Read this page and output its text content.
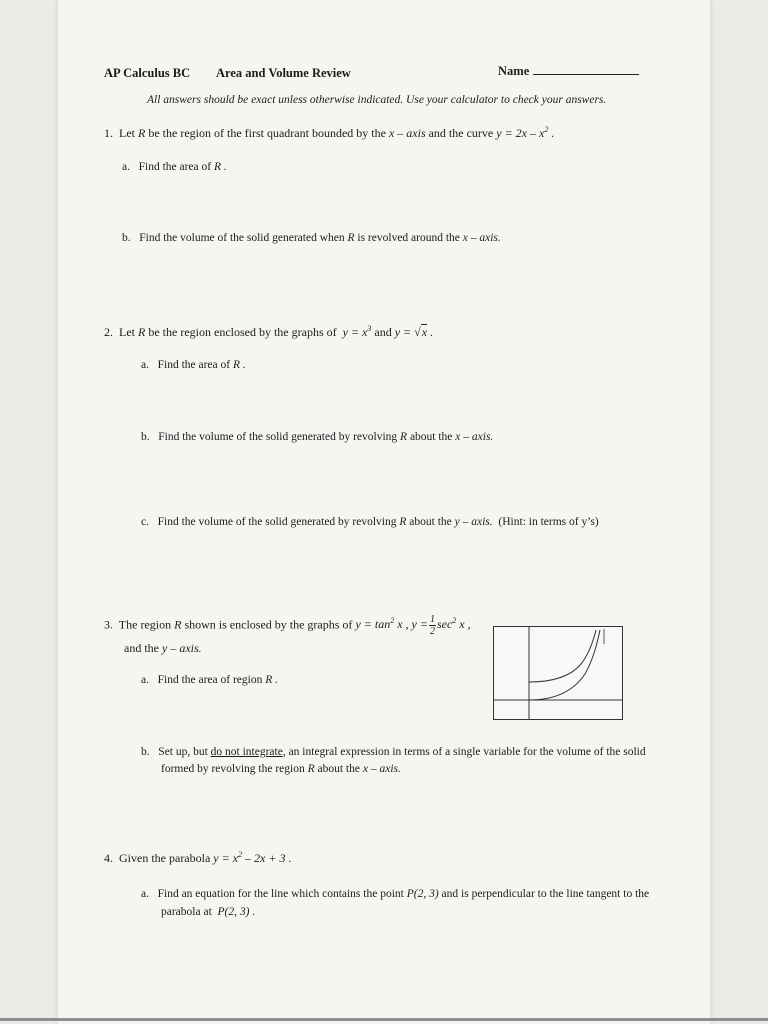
AP Calculus BC Area and Volume Review	Name
All answers should be exact unless otherwise indicated. Use your calculator to check your answers.
1. Let R be the region of the first quadrant bounded by the x – axis and the curve $y = 2x - x^2$ .
a. Find the area of R .
b. Find the volume of the solid generated when R is revolved around the x – axis.
2. Let R be the region enclosed by the graphs of $y = x^3$ and y = √x .
a. Find the area of R .
b. Find the volume of the solid generated by revolving R about the x – axis.
c. Find the volume of the solid generated by revolving R about the y – axis. (Hint: in terms of y’s)
3. The region R shown is enclosed by the graphs of $y = \tan^2 x$ , $y = \frac{1}{2} \sec^2 x$ ,
and the y – axis.
a. Find the area of region R .
b. Set up, but do not integrate, an integral expression in terms of a single variable for the volume of the solid
formed by revolving the region R about the x – axis.
4. Given the parabola $y = x^2 - 2x + 3$ .
a. Find an equation for the line which contains the point P(2, 3) and is perpendicular to the line tangent to the
parabola at P(2, 3) .
